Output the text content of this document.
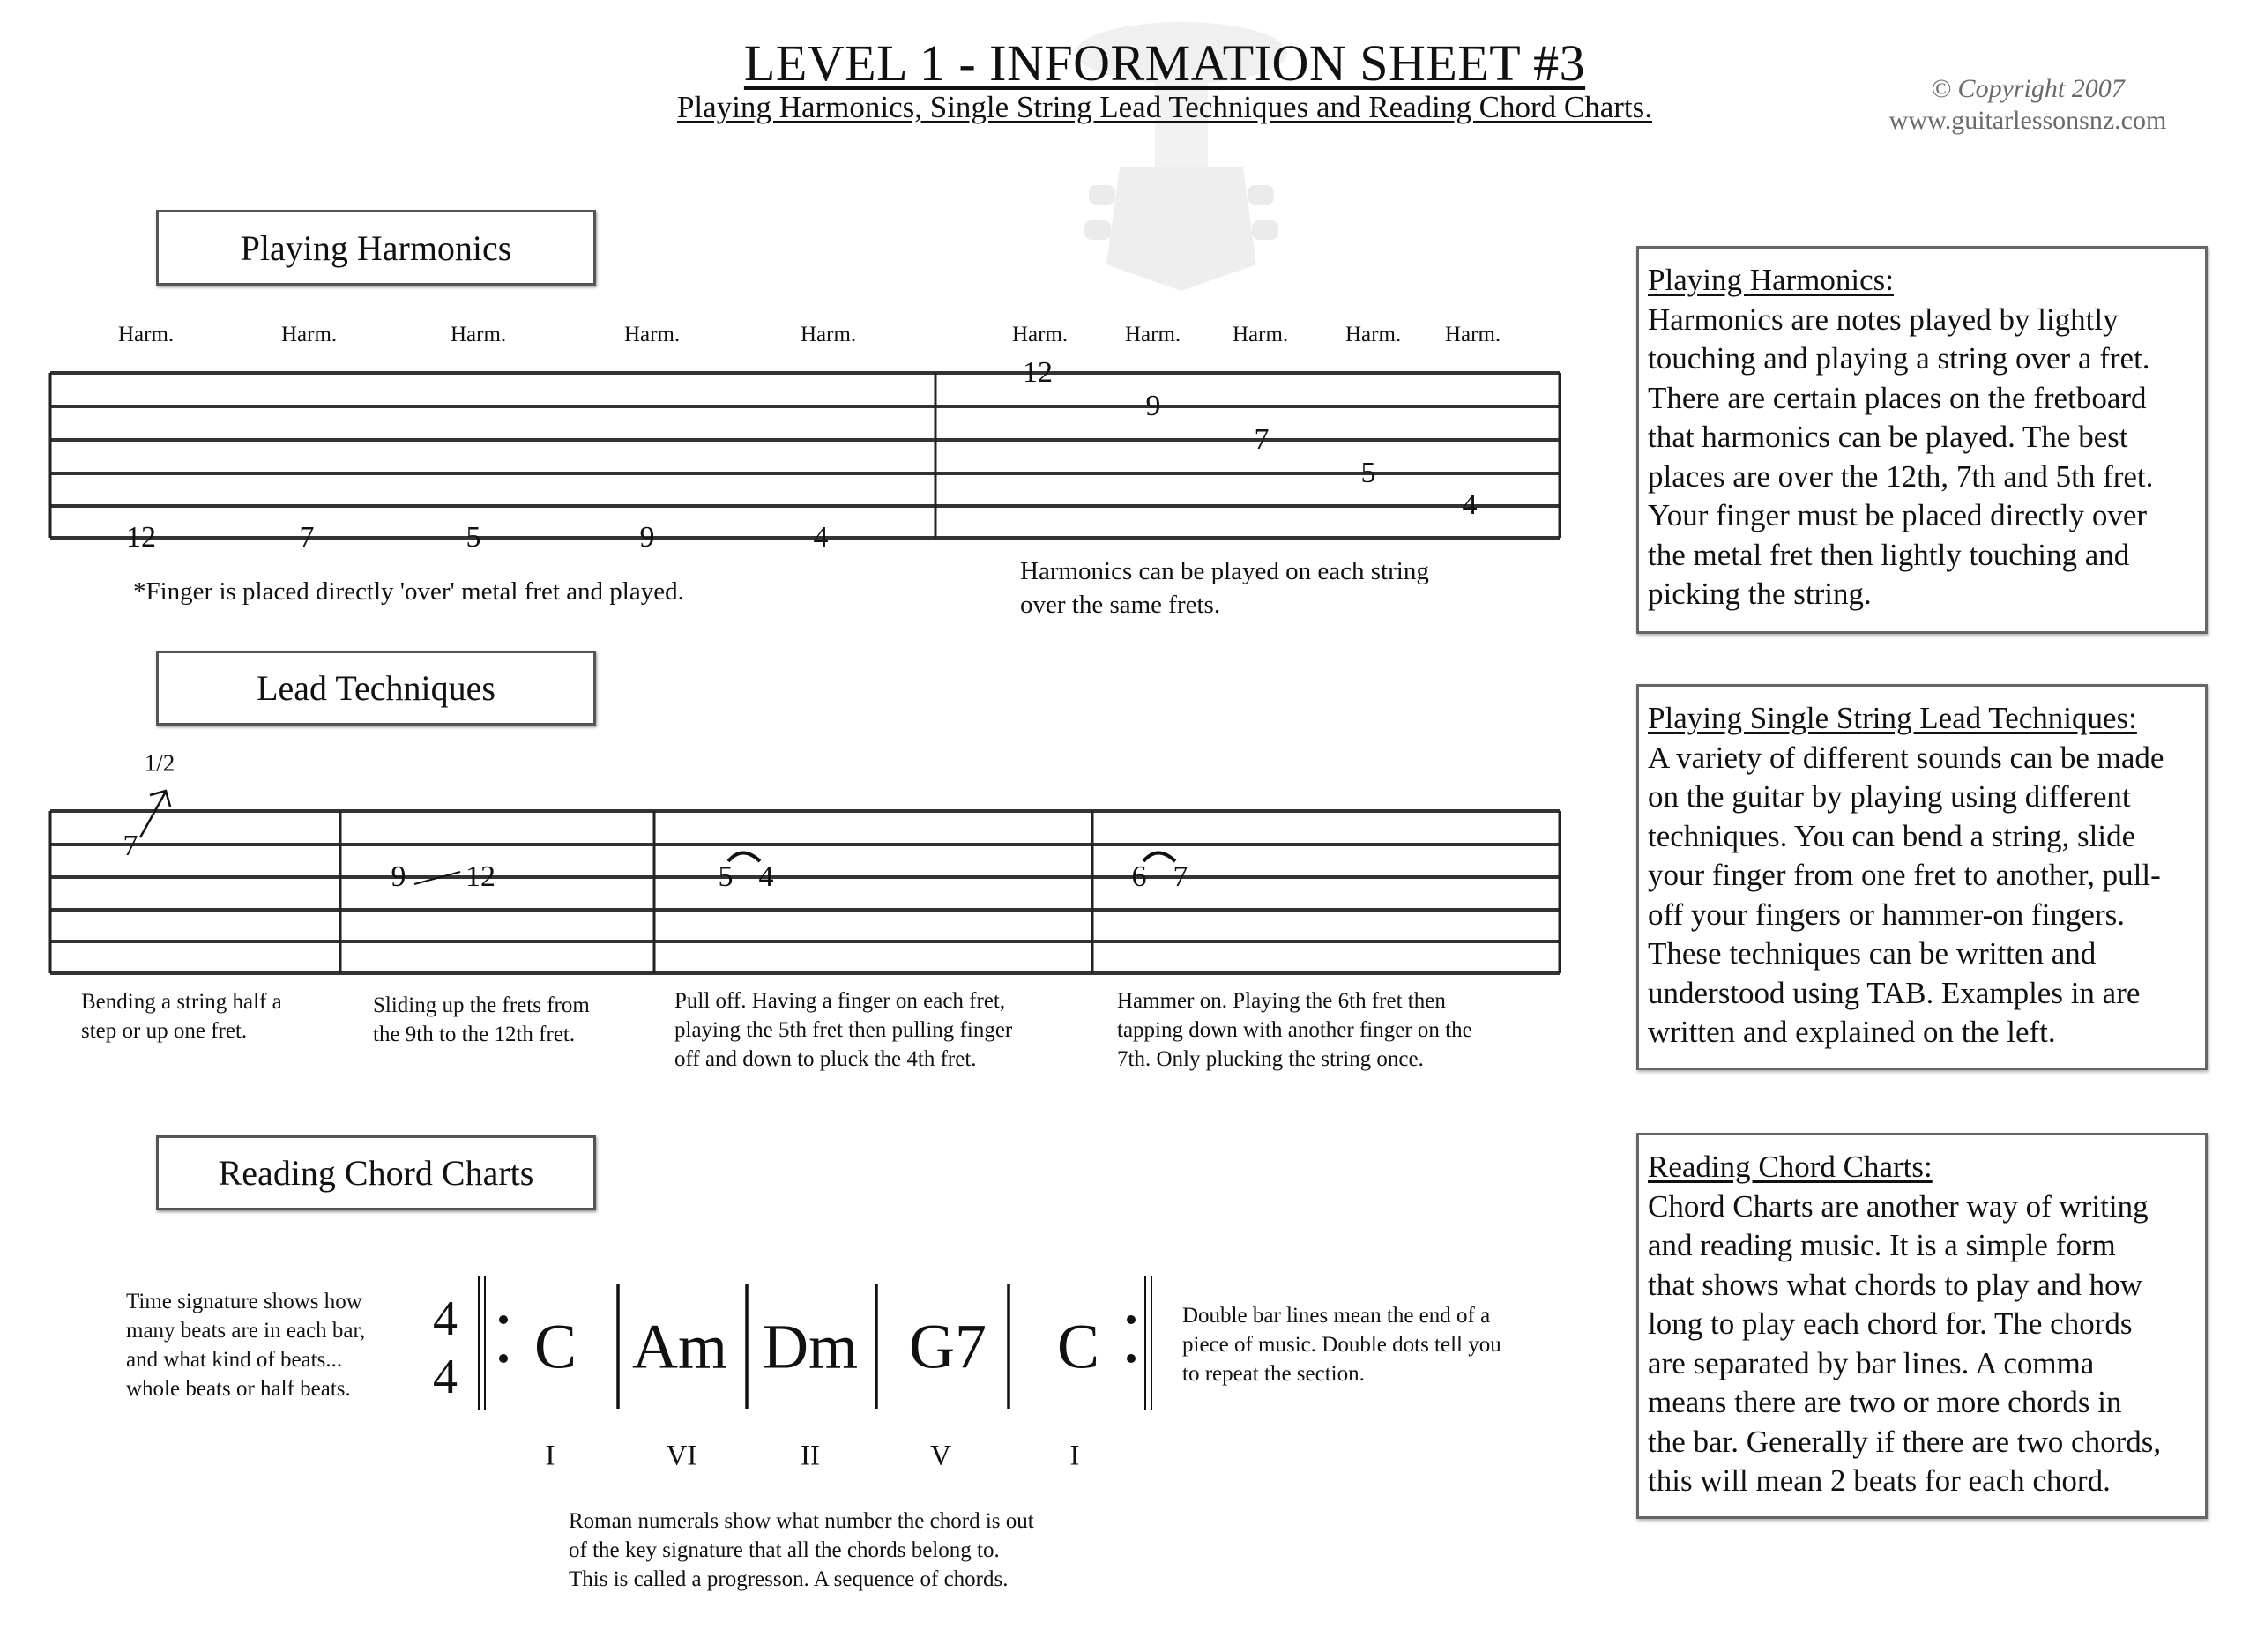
LEVEL 1 - INFORMATION SHEET #3
Playing Harmonics, Single String Lead Techniques and Reading Chord Charts.
© Copyright 2007
www.guitarlessonsnz.com
Playing Harmonics
Harm.	Harm.	Harm.	Harm.	Harm.	Harm.	Harm. Harm.	Harm. Harm.
12	7	5	9	4
12
9
7
5
4
*Finger is placed directly 'over' metal fret and played.
Harmonics can be played on each string
over the same frets.
Lead Techniques
1/2
7
9 12	5 4	6 7
Bending a string half a
step or up one fret.
Sliding up the frets from
the 9th to the 12th fret.
Pull off. Having a finger on each fret,
playing the 5th fret then pulling finger
off and down to pluck the 4th fret.
Hammer on. Playing the 6th fret then
tapping down with another finger on the
7th. Only plucking the string once.
Reading Chord Charts
Time signature shows how
many beats are in each bar,
and what kind of beats...
whole beats or half beats.
4
4 C Am Dm G7 C
I	VI	II	V	I
Double bar lines mean the end of a
piece of music. Double dots tell you
to repeat the section.
Roman numerals show what number the chord is out
of the key signature that all the chords belong to.
This is called a progresson. A sequence of chords.
Playing Harmonics:
Harmonics are notes played by lightly
touching and playing a string over a fret.
There are certain places on the fretboard
that harmonics can be played. The best
places are over the 12th, 7th and 5th fret.
Your finger must be placed directly over
the metal fret then lightly touching and
picking the string.
Playing Single String Lead Techniques:
A variety of different sounds can be made
on the guitar by playing using different
techniques. You can bend a string, slide
your finger from one fret to another, pull-
off your fingers or hammer-on fingers.
These techniques can be written and
understood using TAB. Examples in are
written and explained on the left.
Reading Chord Charts:
Chord Charts are another way of writing
and reading music. It is a simple form
that shows what chords to play and how
long to play each chord for. The chords
are separated by bar lines. A comma
means there are two or more chords in
the bar. Generally if there are two chords,
this will mean 2 beats for each chord.
